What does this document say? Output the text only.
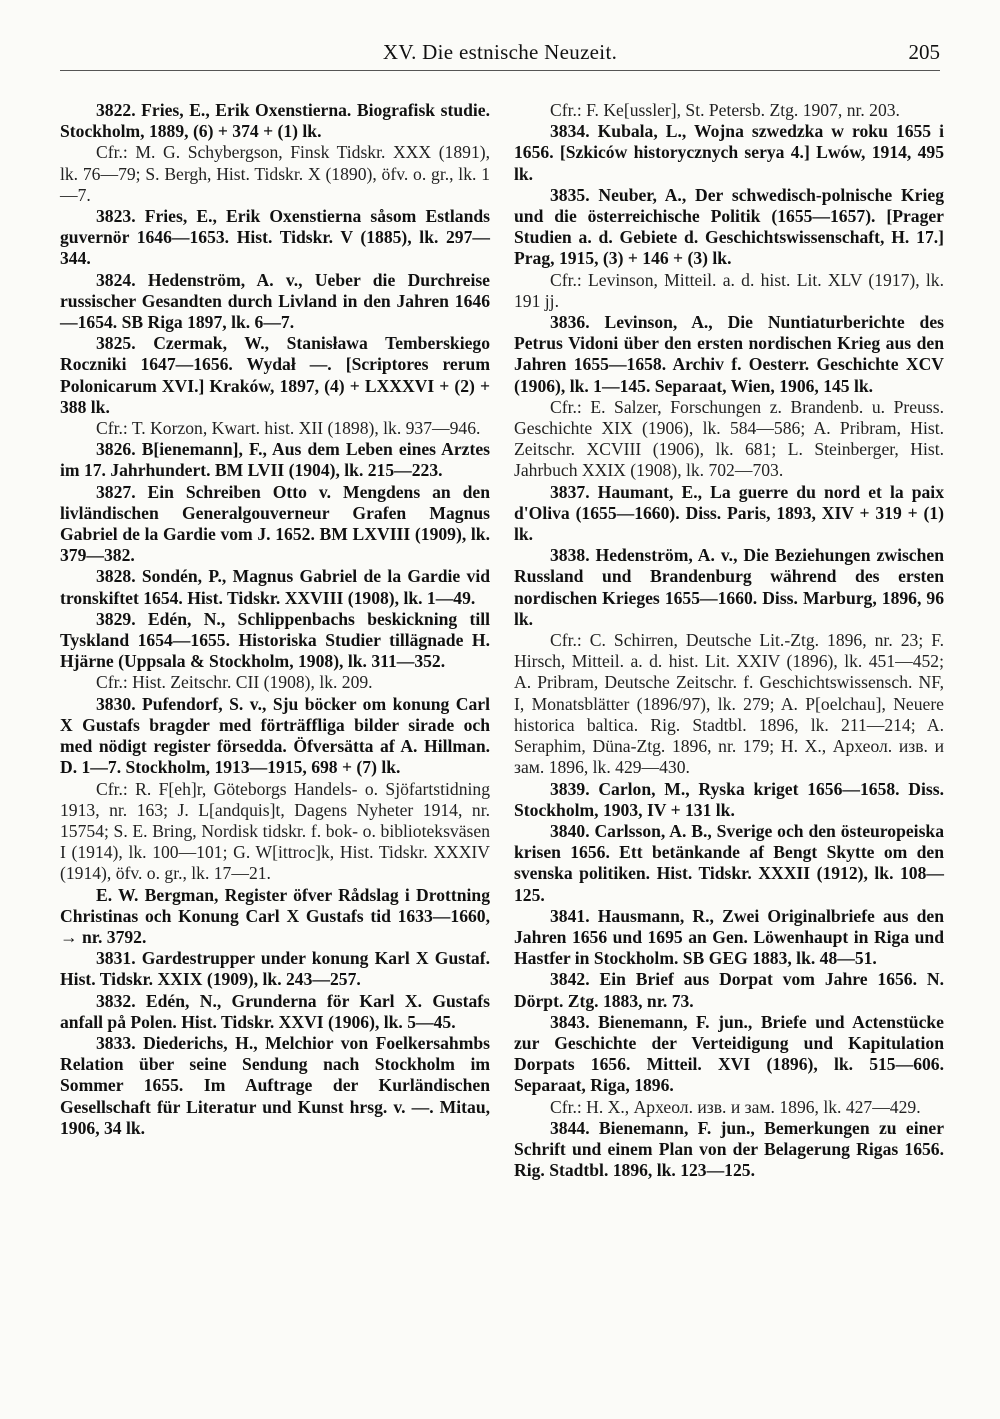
XV. Die estnische Neuzeit.	205

3822. Fries, E., Erik Oxenstierna. Biografisk studie. Stockholm, 1889, (6) + 374 + (1) lk.

Cfr.: M. G. Schybergson, Finsk Tidskr. XXX (1891), lk. 76—79; S. Bergh, Hist. Tidskr. X (1890), öfv. o. gr., lk. 1—7.

3823. Fries, E., Erik Oxenstierna såsom Estlands guvernör 1646—1653. Hist. Tidskr. V (1885), lk. 297—344.

3824. Hedenström, A. v., Ueber die Durchreise russischer Gesandten durch Livland in den Jahren 1646—1654. SB Riga 1897, lk. 6—7.

3825. Czermak, W., Stanisława Temberskiego Roczniki 1647—1656. Wydał —. [Scriptores rerum Polonicarum XVI.] Kraków, 1897, (4) + LXXXVI + (2) + 388 lk.

Cfr.: T. Korzon, Kwart. hist. XII (1898), lk. 937—946.

3826. B[ienemann], F., Aus dem Leben eines Arztes im 17. Jahrhundert. BM LVII (1904), lk. 215—223.

3827. Ein Schreiben Otto v. Mengdens an den livländischen Generalgouverneur Grafen Magnus Gabriel de la Gardie vom J. 1652. BM LXVIII (1909), lk. 379—382.

3828. Sondén, P., Magnus Gabriel de la Gardie vid tronskiftet 1654. Hist. Tidskr. XXVIII (1908), lk. 1—49.

3829. Edén, N., Schlippenbachs beskickning till Tyskland 1654—1655. Historiska Studier tillägnade H. Hjärne (Uppsala & Stockholm, 1908), lk. 311—352.

Cfr.: Hist. Zeitschr. CII (1908), lk. 209.

3830. Pufendorf, S. v., Sju böcker om konung Carl X Gustafs bragder med förträffliga bilder sirade och med nödigt register försedda. Öfversätta af A. Hillman. D. 1—7. Stockholm, 1913—1915, 698 + (7) lk.

Cfr.: R. F[eh]r, Göteborgs Handels- o. Sjöfartstidning 1913, nr. 163; J. L[andquis]t, Dagens Nyheter 1914, nr. 15754; S. E. Bring, Nordisk tidskr. f. bok- o. biblioteksväsen I (1914), lk. 100—101; G. W[ittroc]k, Hist. Tidskr. XXXIV (1914), öfv. o. gr., lk. 17—21.

E. W. Bergman, Register öfver Rådslag i Drottning Christinas och Konung Carl X Gustafs tid 1633—1660, → nr. 3792.

3831. Gardestrupper under konung Karl X Gustaf. Hist. Tidskr. XXIX (1909), lk. 243—257.

3832. Edén, N., Grunderna för Karl X. Gustafs anfall på Polen. Hist. Tidskr. XXVI (1906), lk. 5—45.

3833. Diederichs, H., Melchior von Foelkersahmbs Relation über seine Sendung nach Stockholm im Sommer 1655. Im Auftrage der Kurländischen Gesellschaft für Literatur und Kunst hrsg. v. —. Mitau, 1906, 34 lk.

Cfr.: F. Ke[ussler], St. Petersb. Ztg. 1907, nr. 203.

3834. Kubala, L., Wojna szwedzka w roku 1655 i 1656. [Szkiców historycznych serya 4.] Lwów, 1914, 495 lk.

3835. Neuber, A., Der schwedisch-polnische Krieg und die österreichische Politik (1655—1657). [Prager Studien a. d. Gebiete d. Geschichtswissenschaft, H. 17.] Prag, 1915, (3) + 146 + (3) lk.

Cfr.: Levinson, Mitteil. a. d. hist. Lit. XLV (1917), lk. 191 jj.

3836. Levinson, A., Die Nuntiaturberichte des Petrus Vidoni über den ersten nordischen Krieg aus den Jahren 1655—1658. Archiv f. Oesterr. Geschichte XCV (1906), lk. 1—145. Separaat, Wien, 1906, 145 lk.

Cfr.: E. Salzer, Forschungen z. Brandenb. u. Preuss. Geschichte XIX (1906), lk. 584—586; A. Pribram, Hist. Zeitschr. XCVIII (1906), lk. 681; L. Steinberger, Hist. Jahrbuch XXIX (1908), lk. 702—703.

3837. Haumant, E., La guerre du nord et la paix d'Oliva (1655—1660). Diss. Paris, 1893, XIV + 319 + (1) lk.

3838. Hedenström, A. v., Die Beziehungen zwischen Russland und Brandenburg während des ersten nordischen Krieges 1655—1660. Diss. Marburg, 1896, 96 lk.

Cfr.: C. Schirren, Deutsche Lit.-Ztg. 1896, nr. 23; F. Hirsch, Mitteil. a. d. hist. Lit. XXIV (1896), lk. 451—452; A. Pribram, Deutsche Zeitschr. f. Geschichtswissensch. NF, I, Monatsblätter (1896/97), lk. 279; A. P[oelchau], Neuere historica baltica. Rig. Stadtbl. 1896, lk. 211—214; A. Seraphim, Düna-Ztg. 1896, nr. 179; H. X., Археол. изв. и зам. 1896, lk. 429—430.

3839. Carlon, M., Ryska kriget 1656—1658. Diss. Stockholm, 1903, IV + 131 lk.

3840. Carlsson, A. B., Sverige och den östeuropeiska krisen 1656. Ett betänkande af Bengt Skytte om den svenska politiken. Hist. Tidskr. XXXII (1912), lk. 108—125.

3841. Hausmann, R., Zwei Originalbriefe aus den Jahren 1656 und 1695 an Gen. Löwenhaupt in Riga und Hastfer in Stockholm. SB GEG 1883, lk. 48—51.

3842. Ein Brief aus Dorpat vom Jahre 1656. N. Dörpt. Ztg. 1883, nr. 73.

3843. Bienemann, F. jun., Briefe und Actenstücke zur Geschichte der Verteidigung und Kapitulation Dorpats 1656. Mitteil. XVI (1896), lk. 515—606. Separaat, Riga, 1896.

Cfr.: H. X., Археол. изв. и зам. 1896, lk. 427—429.

3844. Bienemann, F. jun., Bemerkungen zu einer Schrift und einem Plan von der Belagerung Rigas 1656. Rig. Stadtbl. 1896, lk. 123—125.
